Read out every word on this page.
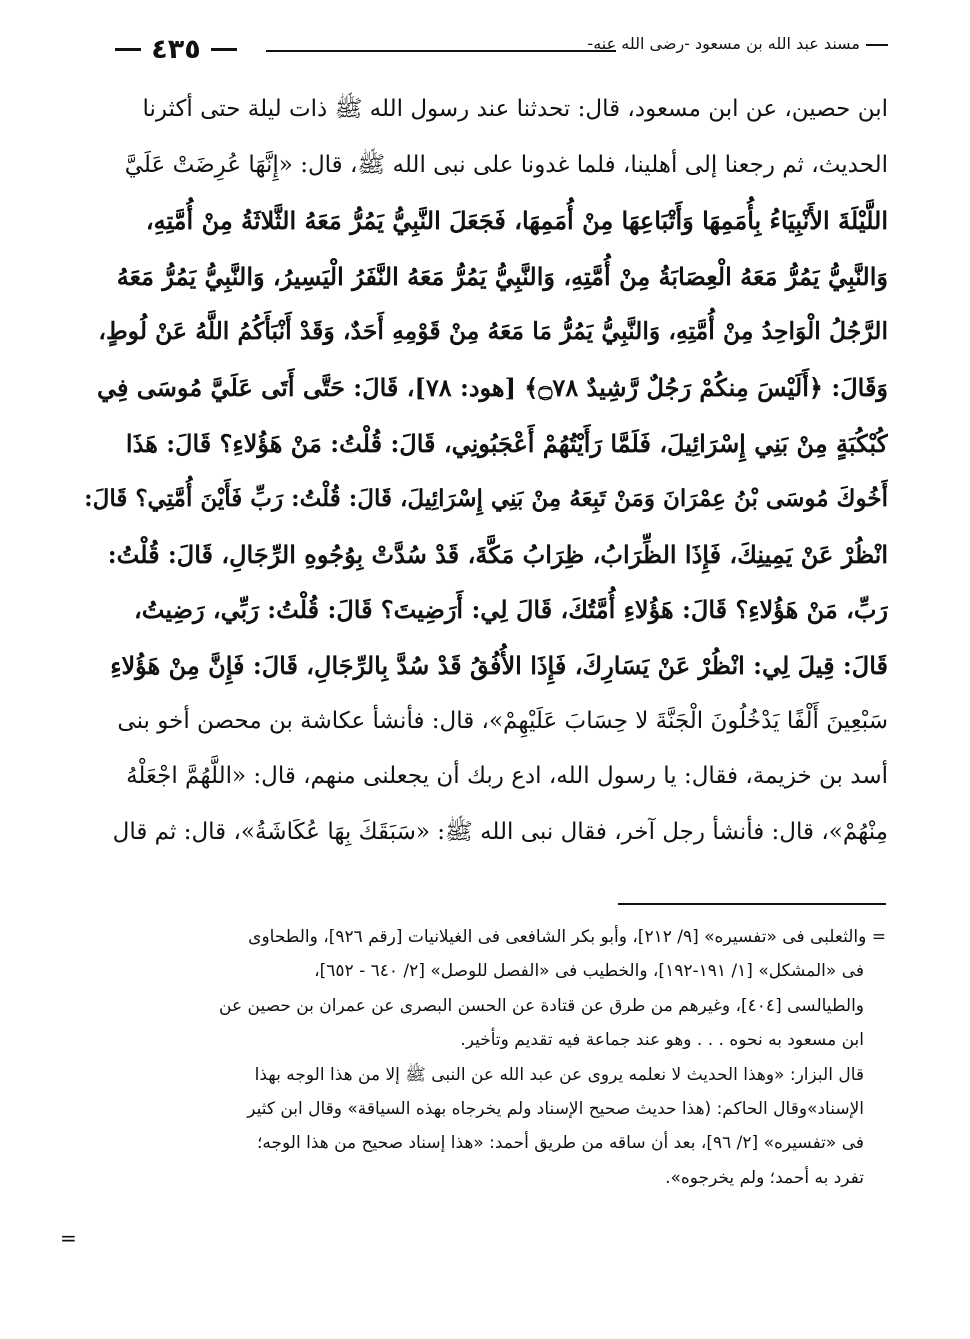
٤٣٥	مسند عبد الله بن مسعود -رضى الله عنه-
ابن حصين، عن ابن مسعود، قال: تحدثنا عند رسول الله ﷺ ذات ليلة حتى أكثرنا
الحديث، ثم رجعنا إلى أهلينا، فلما غدونا على نبى الله ﷺ، قال: «إِنَّهَا عُرِضَتْ عَلَيَّ
اللَّيْلَةَ الأَنْبِيَاءُ بِأُمَمِهَا وَأَتْبَاعِهَا مِنْ أُمَمِهَا، فَجَعَلَ النَّبِيُّ يَمُرُّ مَعَهُ الثَّلاثَةُ مِنْ أُمَّتِهِ،
وَالنَّبِيُّ يَمُرُّ مَعَهُ الْعِصَابَةُ مِنْ أُمَّتِهِ، وَالنَّبِيُّ يَمُرُّ مَعَهُ النَّفَرُ الْيَسِيرُ، وَالنَّبِيُّ يَمُرُّ مَعَهُ
الرَّجُلُ الْوَاحِدُ مِنْ أُمَّتِهِ، وَالنَّبِيُّ يَمُرُّ مَا مَعَهُ مِنْ قَوْمِهِ أَحَدٌ، وَقَدْ أَنْبَأَكُمُ اللَّهُ عَنْ لُوطٍ،
وَقَالَ: ﴿أَلَيْسَ مِنكُمْ رَجُلٌ رَّشِيدٌ ۝٧٨﴾ [هود: ٧٨]، قَالَ: حَتَّى أَتَى عَلَيَّ مُوسَى فِي
كُبْكُبَةٍ مِنْ بَنِي إِسْرَائِيلَ، فَلَمَّا رَأَيْتُهُمْ أَعْجَبُونِي، قَالَ: قُلْتُ: مَنْ هَؤُلاءِ؟ قَالَ: هَذَا
أَخُوكَ مُوسَى بْنُ عِمْرَانَ وَمَنْ تَبِعَهُ مِنْ بَنِي إِسْرَائِيلَ، قَالَ: قُلْتُ: رَبِّ فَأَيْنَ أُمَّتِي؟ قَالَ:
انْظُرْ عَنْ يَمِينِكَ، فَإِذَا الظِّرَابُ، ظِرَابُ مَكَّةَ، قَدْ سُدَّتْ بِوُجُوهِ الرِّجَالِ، قَالَ: قُلْتُ:
رَبِّ، مَنْ هَؤُلاءِ؟ قَالَ: هَؤُلاءِ أُمَّتُكَ، قَالَ لِي: أَرَضِيتَ؟ قَالَ: قُلْتُ: رَبِّي، رَضِيتُ،
قَالَ: قِيلَ لِي: انْظُرْ عَنْ يَسَارِكَ، فَإِذَا الأُفُقُ قَدْ سُدَّ بِالرِّجَالِ، قَالَ: فَإِنَّ مِنْ هَؤُلاءِ
سَبْعِينَ أَلْفًا يَدْخُلُونَ الْجَنَّةَ لا حِسَابَ عَلَيْهِمْ»، قال: فأنشأ عكاشة بن محصن أخو بنى
أسد بن خزيمة، فقال: يا رسول الله، ادع ربك أن يجعلنى منهم، قال: «اللَّهُمَّ اجْعَلْهُ
مِنْهُمْ»، قال: فأنشأ رجل آخر، فقال نبى الله ﷺ: «سَبَقَكَ بِهَا عُكَاشَةُ»، قال: ثم قال
= والثعلبى فى «تفسيره» [٩/ ٢١٢]، وأبو بكر الشافعى فى الغيلانيات [رقم ٩٢٦]، والطحاوى
فى «المشكل» [١/ ١٩١-١٩٢]، والخطيب فى «الفصل للوصل» [٢/ ٦٤٠ - ٦٥٢]،
والطيالسى [٤٠٤]، وغيرهم من طرق عن قتادة عن الحسن البصرى عن عمران بن حصين عن
ابن مسعود به نحوه . . . وهو عند جماعة فيه تقديم وتأخير.
قال البزار: «وهذا الحديث لا نعلمه يروى عن عبد الله عن النبى ﷺ إلا من هذا الوجه بهذا
الإسناد»وقال الحاكم: (هذا حديث صحيح الإسناد ولم يخرجاه بهذه السياقة» وقال ابن كثير
فى «تفسيره» [٢/ ٩٦]، بعد أن ساقه من طريق أحمد: «هذا إسناد صحيح من هذا الوجه؛
تفرد به أحمد؛ ولم يخرجوه».
=
